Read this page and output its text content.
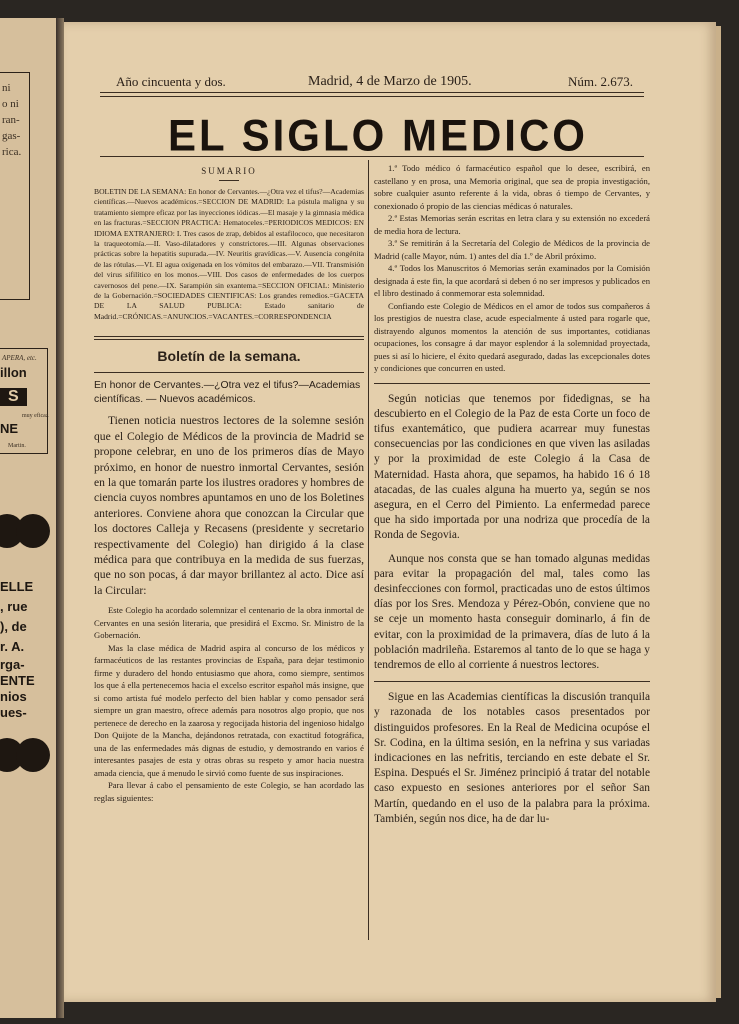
ni
o ni
ran-
gas-
rica.
APERA, etc.
illon
S
muy eficaz
NE
Martin.
ELLE
, rue
), de
r. A.
rga-
ENTE
nios
ues-
Año cincuenta y dos.	Madrid, 4 de Marzo de 1905.	Núm. 2.673.
EL SIGLO MEDICO
SUMARIO

BOLETIN DE LA SEMANA: En honor de Cervantes.—¿Otra vez el tifus?—Academias científicas.—Nuevos académicos.=SECCION DE MADRID: La pústula maligna y su tratamiento siempre eficaz por las inyecciones iódicas.—El masaje y la gimnasia médica en las fracturas.=SECCION PRACTICA: Hematoceles.=PERIODICOS MEDICOS: EN IDIOMA EXTRANJERO: I. Tres casos de zrap, debidos al estafilococo, que necesitaron la traqueotomía.—II. Vaso-dilatadores y constrictores.—III. Algunas observaciones prácticas sobre la hepatitis supurada.—IV. Neuritis gravídicas.—V. Ausencia congénita de las rótulas.—VI. El agua oxigenada en los vómitos del embarazo.—VII. Transmisión del virus sifilítico en los monos.—VIII. Dos casos de enfermedades de los cuerpos cavernosos del pene.—IX. Sarampión sin exantema.=SECCION OFICIAL: Ministerio de la Gobernación.=SOCIEDADES CIENTIFICAS: Los grandes remedios.=GACETA DE LA SALUD PUBLICA: Estado sanitario de Madrid.=CRÓNICAS.=ANUNCIOS.=VACANTES.=CORRESPONDENCIA

Boletín de la semana.

En honor de Cervantes.—¿Otra vez el tifus?—Academias científicas. — Nuevos académicos.

Tienen noticia nuestros lectores de la solemne sesión que el Colegio de Médicos de la provincia de Madrid se propone celebrar, en uno de los primeros días de Mayo próximo, en honor de nuestro inmortal Cervantes, sesión en la que tomarán parte los ilustres oradores y hombres de ciencia cuyos nombres apuntamos en uno de los Boletines anteriores. Conviene ahora que conozcan la Circular que los doctores Calleja y Recasens (presidente y secretario respectivamente del Colegio) han dirigido á la clase médica para que contribuya en la medida de sus fuerzas, que no son pocas, á dar mayor brillantez al acto. Dice así la Circular:

Este Colegio ha acordado solemnizar el centenario de la obra inmortal de Cervantes en una sesión literaria, que presidirá el Excmo. Sr. Ministro de la Gobernación.

Mas la clase médica de Madrid aspira al concurso de los médicos y farmacéuticos de las restantes provincias de España, para dejar testimonio firme y duradero del hondo entusiasmo que ahora, como siempre, sentimos los que á ella pertenecemos hacia el excelso escritor español más insigne, que si como artista fué modelo perfecto del bien hablar y como pensador será siempre un gran maestro, ofrece además para nosotros algo propio, que nos pertenece de derecho en la zaarosa y regocijada historia del ingenioso hidalgo Don Quijote de la Mancha, dejándonos retratada, con exactitud fotográfica, una de las enfermedades más dignas de estudio, y demostrando en varios é interesantes pasajes de esta y otras obras su respeto y amor hacia nuestra amada ciencia, que á menudo le sirvió como fuente de sus inspiraciones.

Para llevar á cabo el pensamiento de este Colegio, se han acordado las reglas siguientes:

1.ª Todo médico ó farmacéutico español que lo desee, escribirá, en castellano y en prosa, una Memoria original, que sea de propia investigación, sobre cualquier asunto referente á la vida, obras ó tiempo de Cervantes, y conexionado ó propio de las ciencias médicas ó naturales.

2.ª Estas Memorias serán escritas en letra clara y su extensión no excederá de media hora de lectura.

3.ª Se remitirán á la Secretaría del Colegio de Médicos de la provincia de Madrid (calle Mayor, núm. 1) antes del día 1.º de Abril próximo.

4.ª Todos los Manuscritos ó Memorias serán examinados por la Comisión designada á este fin, la que acordará si deben ó no ser impresos y publicados en el libro destinado á conmemorar esta solemnidad.

Confiando este Colegio de Médicos en el amor de todos sus compañeros á los prestigios de nuestra clase, acude especialmente á usted para rogarle que, distrayendo algunos momentos la atención de sus importantes, cotidianas ocupaciones, los consagre á dar mayor esplendor á la solemnidad proyectada, pues si así lo hiciere, el éxito quedará asegurado, dadas las excepcionales dotes y condiciones que concurren en usted.

Según noticias que tenemos por fidedignas, se ha descubierto en el Colegio de la Paz de esta Corte un foco de tifus exantemático, que pudiera acarrear muy funestas consecuencias por las condiciones en que viven las asiladas y por la proximidad de este Colegio á la Casa de Maternidad. Hasta ahora, que sepamos, ha habido 16 ó 18 atacadas, de las cuales alguna ha muerto ya, según se nos asegura, en el Cerro del Pimiento. La enfermedad parece que ha sido importada por una nodriza que procedía de la Ronda de Segovia.

Aunque nos consta que se han tomado algunas medidas para evitar la propagación del mal, tales como las desinfecciones con formol, practicadas uno de estos últimos días por los Sres. Mendoza y Pérez-Obón, conviene que no se ceje un momento hasta conseguir dominarlo, á fin de evitar, con la proximidad de la primavera, días de luto á la población madrileña. Estaremos al tanto de lo que se haga y tendremos de ello al corriente á nuestros lectores.

Sigue en las Academias científicas la discusión tranquila y razonada de los notables casos presentados por distinguidos profesores. En la Real de Medicina ocupóse el Sr. Codina, en la última sesión, en la nefrina y sus variadas indicaciones en las nefritis, terciando en este debate el Sr. Espina. Después el Sr. Jiménez principió á tratar del notable caso expuesto en sesiones anteriores por el señor San Martín, quedando en el uso de la palabra para la próxima. También, según nos dice, ha de dar lu-
